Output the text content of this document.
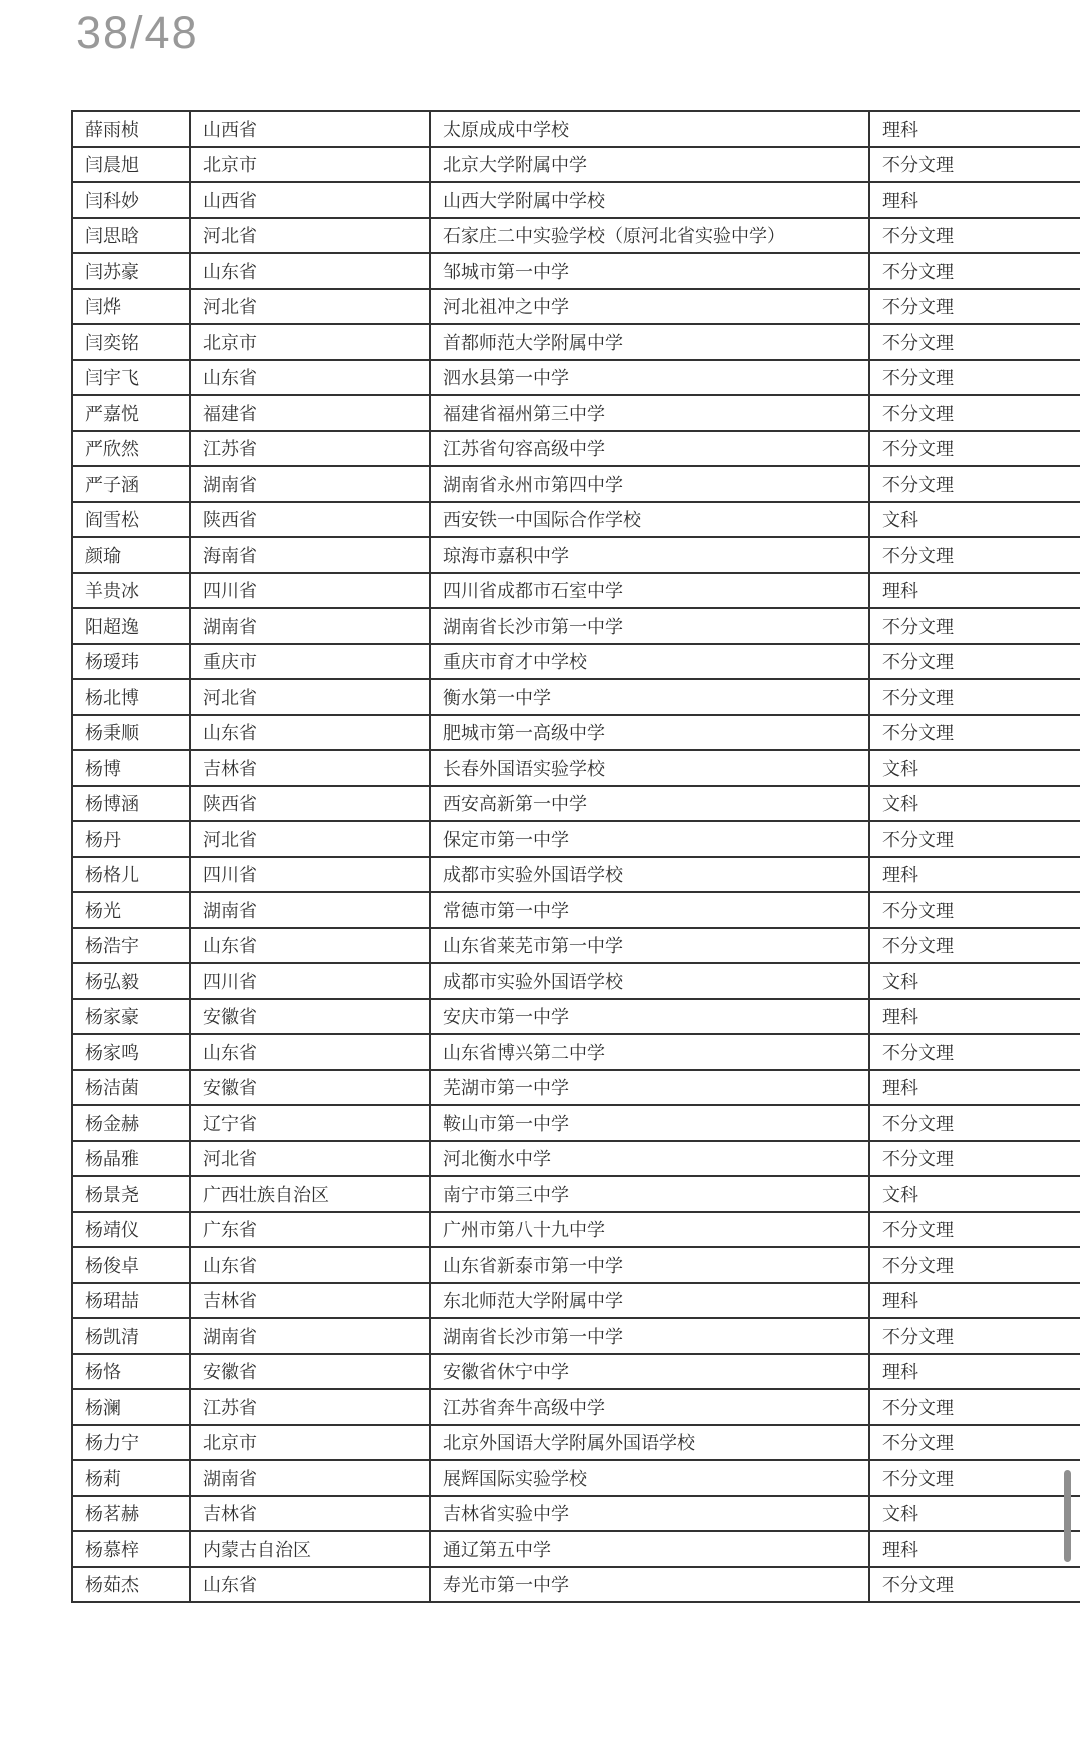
38/48
薛雨桢	山西省	太原成成中学校	理科
闫晨旭	北京市	北京大学附属中学	不分文理
闫科妙	山西省	山西大学附属中学校	理科
闫思晗	河北省	石家庄二中实验学校（原河北省实验中学）	不分文理
闫苏豪	山东省	邹城市第一中学	不分文理
闫烨	河北省	河北祖冲之中学	不分文理
闫奕铭	北京市	首都师范大学附属中学	不分文理
闫宇飞	山东省	泗水县第一中学	不分文理
严嘉悦	福建省	福建省福州第三中学	不分文理
严欣然	江苏省	江苏省句容高级中学	不分文理
严子涵	湖南省	湖南省永州市第四中学	不分文理
阎雪松	陕西省	西安铁一中国际合作学校	文科
颜瑜	海南省	琼海市嘉积中学	不分文理
羊贵冰	四川省	四川省成都市石室中学	理科
阳超逸	湖南省	湖南省长沙市第一中学	不分文理
杨瑷玮	重庆市	重庆市育才中学校	不分文理
杨北博	河北省	衡水第一中学	不分文理
杨秉顺	山东省	肥城市第一高级中学	不分文理
杨博	吉林省	长春外国语实验学校	文科
杨博涵	陕西省	西安高新第一中学	文科
杨丹	河北省	保定市第一中学	不分文理
杨格儿	四川省	成都市实验外国语学校	理科
杨光	湖南省	常德市第一中学	不分文理
杨浩宇	山东省	山东省莱芜市第一中学	不分文理
杨弘毅	四川省	成都市实验外国语学校	文科
杨家豪	安徽省	安庆市第一中学	理科
杨家鸣	山东省	山东省博兴第二中学	不分文理
杨洁菌	安徽省	芜湖市第一中学	理科
杨金赫	辽宁省	鞍山市第一中学	不分文理
杨晶雅	河北省	河北衡水中学	不分文理
杨景尧	广西壮族自治区	南宁市第三中学	文科
杨靖仪	广东省	广州市第八十九中学	不分文理
杨俊卓	山东省	山东省新泰市第一中学	不分文理
杨珺喆	吉林省	东北师范大学附属中学	理科
杨凯清	湖南省	湖南省长沙市第一中学	不分文理
杨恪	安徽省	安徽省休宁中学	理科
杨澜	江苏省	江苏省奔牛高级中学	不分文理
杨力宁	北京市	北京外国语大学附属外国语学校	不分文理
杨莉	湖南省	展辉国际实验学校	不分文理
杨茗赫	吉林省	吉林省实验中学	文科
杨慕梓	内蒙古自治区	通辽第五中学	理科
杨茹杰	山东省	寿光市第一中学	不分文理
